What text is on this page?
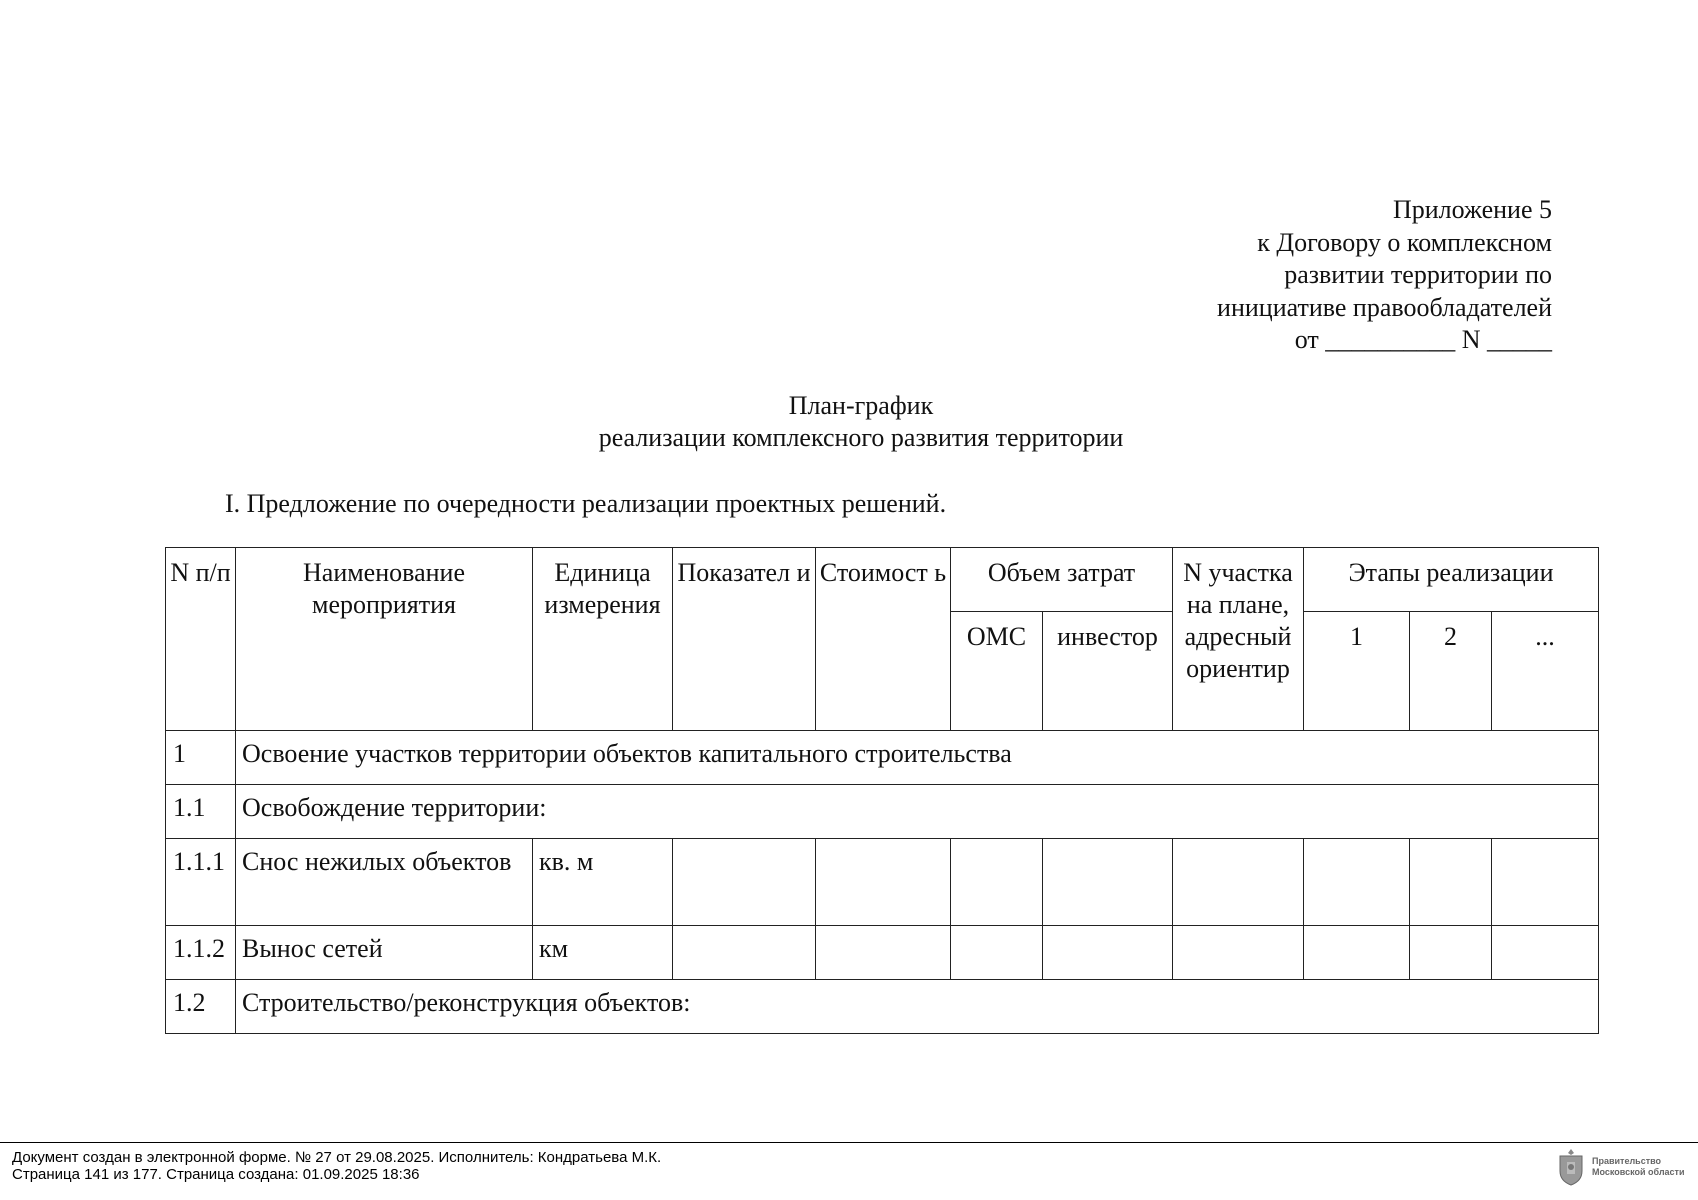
Приложение 5
к Договору о комплексном
развитии территории по
инициативе правообладателей
от __________ N _____
План-график
реализации комплексного развития территории
I. Предложение по очередности реализации проектных решений.
N п/п	Наименование мероприятия	Единица измерения	Показател и	Стоимост ь	Объем затрат		N участка на плане, адресный ориентир	Этапы реализации		
					ОМС	инвестор		1	2	...
1	Освоение участков территории объектов капитального строительства									
1.1	Освобождение территории:									
1.1.1	Снос нежилых объектов	кв. м								
1.1.2	Вынос сетей	км								
1.2	Строительство/реконструкция объектов:									
Документ создан в электронной форме. № 27 от 29.08.2025. Исполнитель: Кондратьева М.К.
Страница 141 из 177. Страница создана: 01.09.2025 18:36
Правительство
Московской области
